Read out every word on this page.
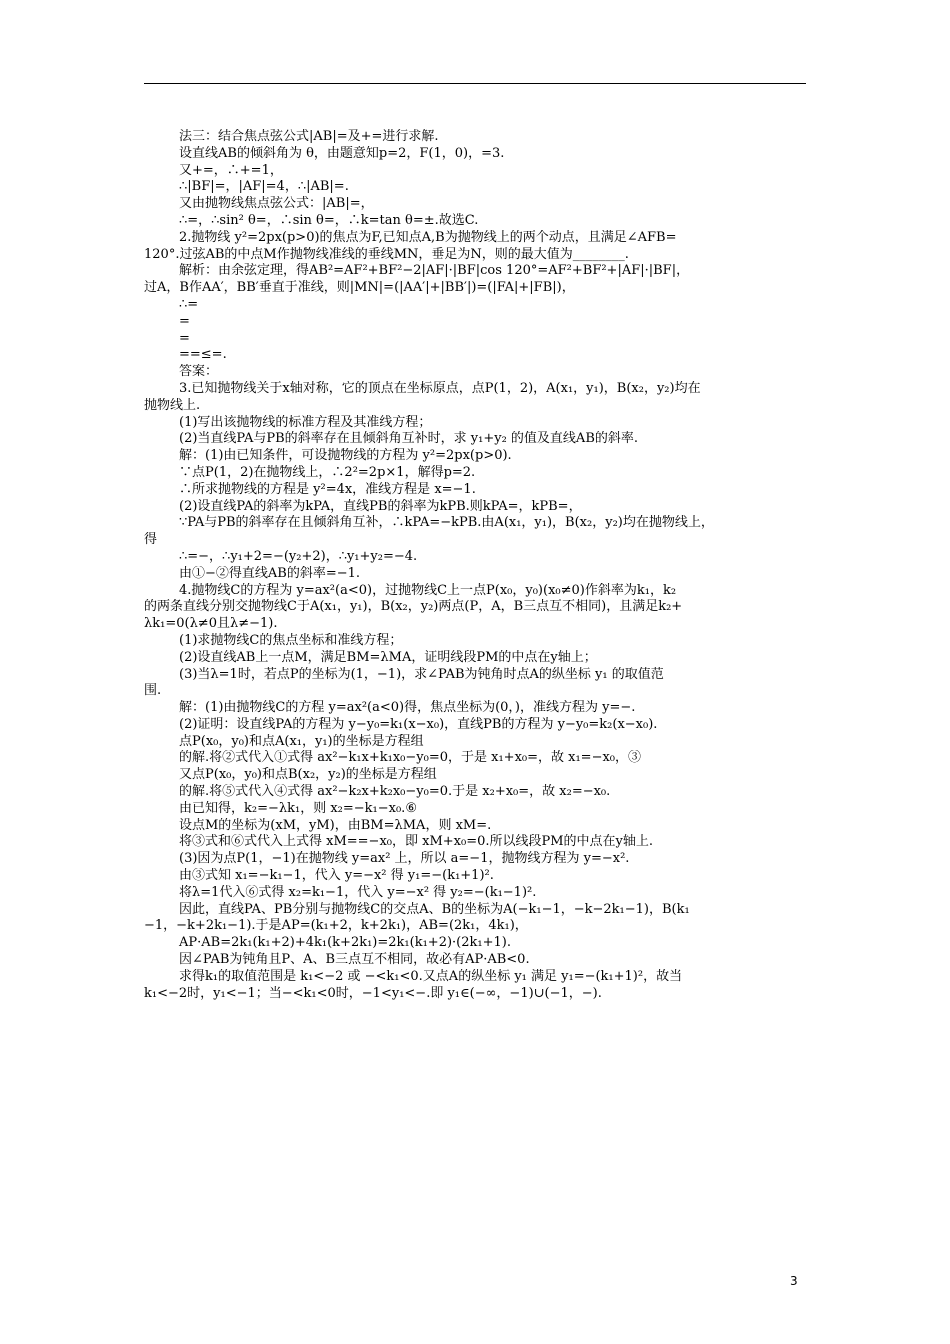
法三：结合焦点弦公式|AB|=及+=进行求解.
设直线AB的倾斜角为 θ，由题意知p=2，F(1，0)，=3.
又+=，∴+=1，
∴|BF|=，|AF|=4，∴|AB|=.
又由抛物线焦点弦公式：|AB|=，
∴=，∴sin² θ=，∴sin θ=，∴k=tan θ=±.故选C.
2.抛物线 y²=2px(p>0)的焦点为F,已知点A,B为抛物线上的两个动点，且满足∠AFB=
120°.过弦AB的中点M作抛物线准线的垂线MN，垂足为N，则的最大值为________.
解析：由余弦定理，得AB²=AF²+BF²−2|AF|·|BF|cos 120°=AF²+BF²+|AF|·|BF|，
过A，B作AA′，BB′垂直于准线，则|MN|=(|AA′|+|BB′|)=(|FA|+|FB|)，
∴=
=
=
==≤=.
答案：
3.已知抛物线关于x轴对称，它的顶点在坐标原点，点P(1，2)，A(x₁，y₁)，B(x₂，y₂)均在
抛物线上.
(1)写出该抛物线的标准方程及其准线方程；
(2)当直线PA与PB的斜率存在且倾斜角互补时，求 y₁+y₂ 的值及直线AB的斜率.
解：(1)由已知条件，可设抛物线的方程为 y²=2px(p>0).
∵点P(1，2)在抛物线上，∴2²=2p×1，解得p=2.
∴所求抛物线的方程是 y²=4x，准线方程是 x=−1.
(2)设直线PA的斜率为kPA，直线PB的斜率为kPB.则kPA=，kPB=，
∵PA与PB的斜率存在且倾斜角互补，∴kPA=−kPB.由A(x₁，y₁)，B(x₂，y₂)均在抛物线上，
得
∴=−，∴y₁+2=−(y₂+2)，∴y₁+y₂=−4.
由①−②得直线AB的斜率=−1.
4.抛物线C的方程为 y=ax²(a<0)，过抛物线C上一点P(x₀，y₀)(x₀≠0)作斜率为k₁，k₂
的两条直线分别交抛物线C于A(x₁，y₁)，B(x₂，y₂)两点(P，A，B三点互不相同)，且满足k₂+
λk₁=0(λ≠0且λ≠−1).
(1)求抛物线C的焦点坐标和准线方程；
(2)设直线AB上一点M，满足BM=λMA，证明线段PM的中点在y轴上；
(3)当λ=1时，若点P的坐标为(1，−1)，求∠PAB为钝角时点A的纵坐标 y₁ 的取值范
围.
解：(1)由抛物线C的方程 y=ax²(a<0)得，焦点坐标为(0，)，准线方程为 y=−.
(2)证明：设直线PA的方程为 y−y₀=k₁(x−x₀)，直线PB的方程为 y−y₀=k₂(x−x₀).
点P(x₀，y₀)和点A(x₁，y₁)的坐标是方程组
的解.将②式代入①式得 ax²−k₁x+k₁x₀−y₀=0，于是 x₁+x₀=，故 x₁=−x₀，③
又点P(x₀，y₀)和点B(x₂，y₂)的坐标是方程组
的解.将⑤式代入④式得 ax²−k₂x+k₂x₀−y₀=0.于是 x₂+x₀=，故 x₂=−x₀.
由已知得，k₂=−λk₁，则 x₂=−k₁−x₀.⑥
设点M的坐标为(xM，yM)，由BM=λMA，则 xM=.
将③式和⑥式代入上式得 xM==−x₀，即 xM+x₀=0.所以线段PM的中点在y轴上.
(3)因为点P(1，−1)在抛物线 y=ax² 上，所以 a=−1，抛物线方程为 y=−x².
由③式知 x₁=−k₁−1，代入 y=−x² 得 y₁=−(k₁+1)².
将λ=1代入⑥式得 x₂=k₁−1，代入 y=−x² 得 y₂=−(k₁−1)².
因此，直线PA、PB分别与抛物线C的交点A、B的坐标为A(−k₁−1，−k−2k₁−1)，B(k₁
−1，−k+2k₁−1).于是AP=(k₁+2，k+2k₁)，AB=(2k₁，4k₁)，
AP·AB=2k₁(k₁+2)+4k₁(k+2k₁)=2k₁(k₁+2)·(2k₁+1).
因∠PAB为钝角且P、A、B三点互不相同，故必有AP·AB<0.
求得k₁的取值范围是 k₁<−2 或 −<k₁<0.又点A的纵坐标 y₁ 满足 y₁=−(k₁+1)²，故当
k₁<−2时，y₁<−1；当−<k₁<0时，−1<y₁<−.即 y₁∈(−∞，−1)∪(−1，−).
3
